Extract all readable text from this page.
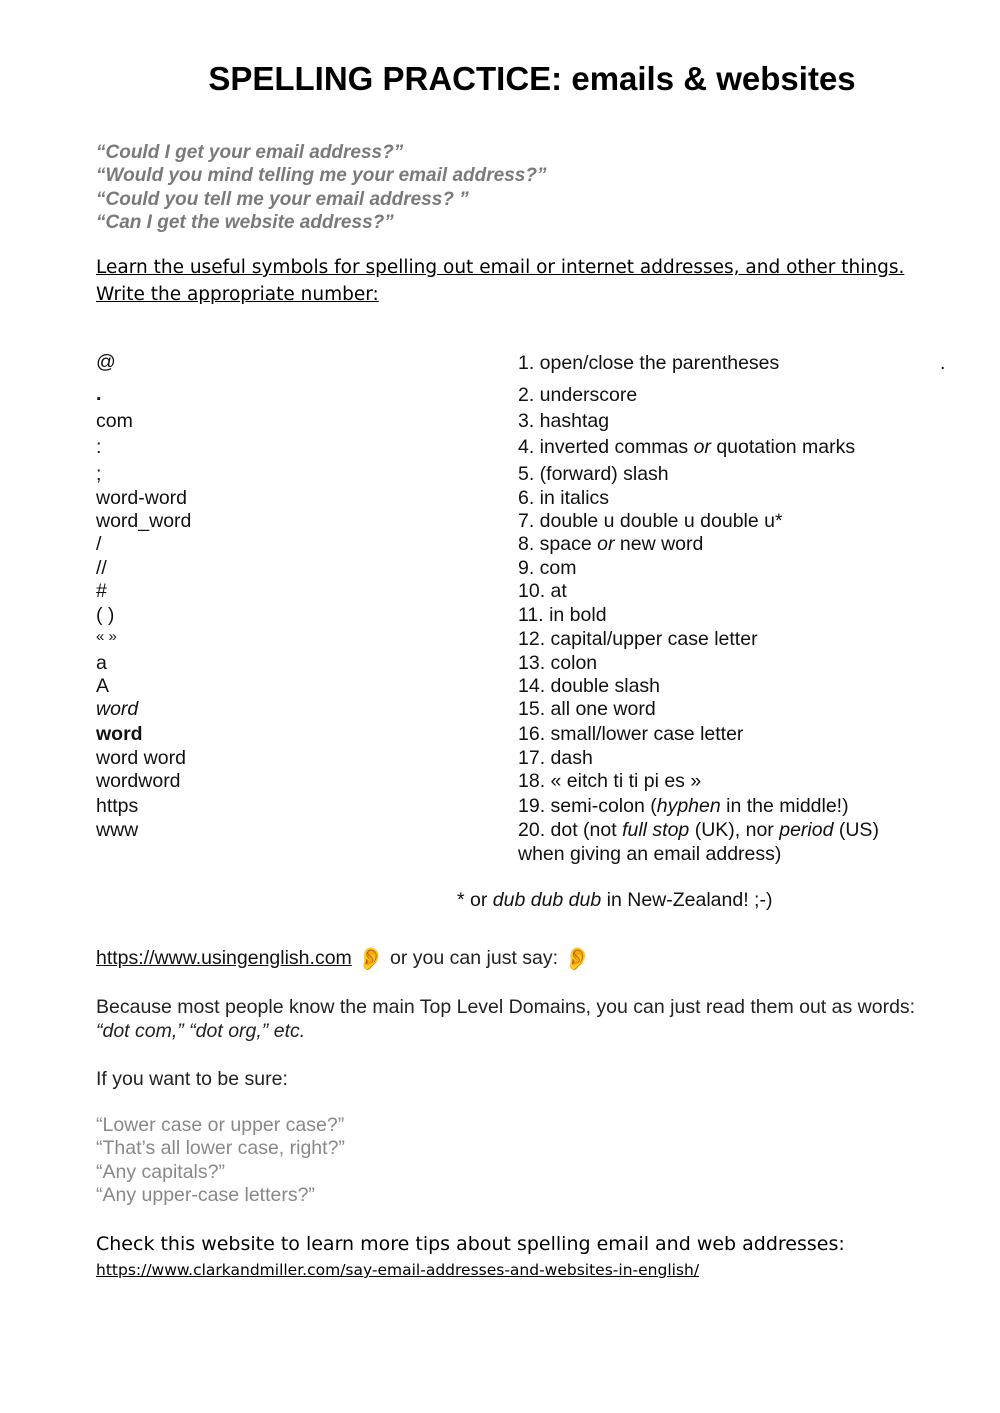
SPELLING PRACTICE: emails & websites
“Could I get your email address?”
“Would you mind telling me your email address?”
“Could you tell me your email address? ”
“Can I get the website address?”
Learn the useful symbols for spelling out email or internet addresses, and other things.
Write the appropriate number:
@
.
com
:
;
word-word
word_word
/
//
#
( )
« »
a
A
word
word
word word
wordword
https
www
1. open/close the parentheses	.
2. underscore
3. hashtag
4. inverted commas or quotation marks
5. (forward) slash
6. in italics
7. double u double u double u*
8. space or new word
9. com
10. at
11. in bold
12. capital/upper case letter
13. colon
14. double slash
15. all one word
16. small/lower case letter
17. dash
18. « eitch ti ti pi es »
19. semi-colon (hyphen in the middle!)
20. dot (not full stop (UK), nor period (US)
when giving an email address)
* or dub dub dub in New-Zealand! ;-)
https://www.usingenglish.com 👂 or you can just say: 👂
Because most people know the main Top Level Domains, you can just read them out as words:
“dot com,” “dot org,” etc.
If you want to be sure:
“Lower case or upper case?”
“That’s all lower case, right?”
“Any capitals?”
“Any upper-case letters?”
Check this website to learn more tips about spelling email and web addresses:
https://www.clarkandmiller.com/say-email-addresses-and-websites-in-english/
